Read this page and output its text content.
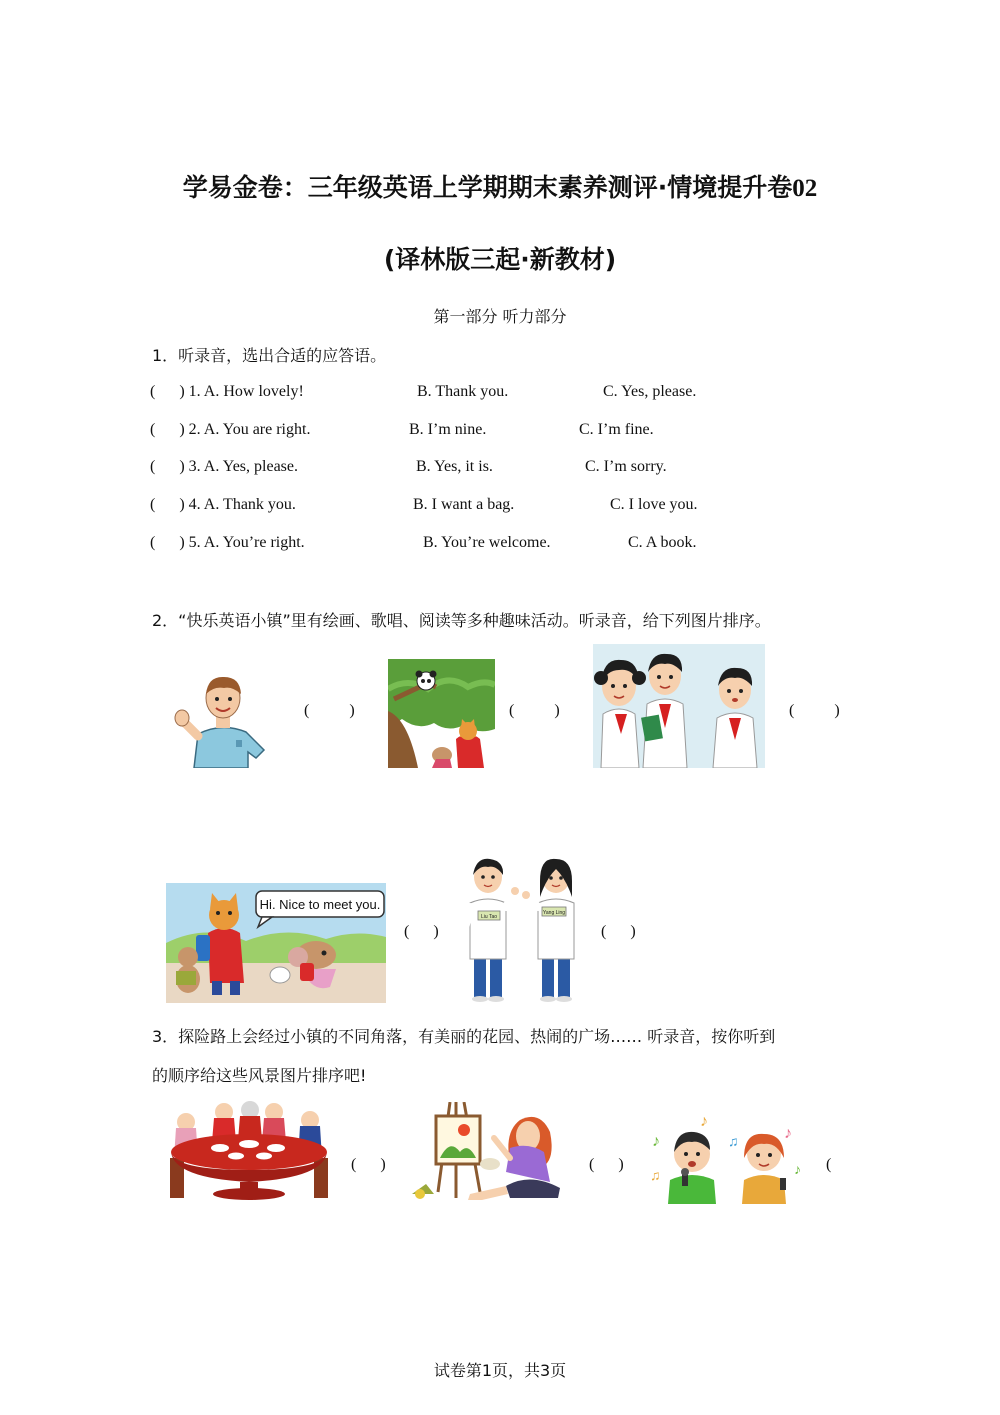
学易金卷：三年级英语上学期期末素养测评·情境提升卷02
(译林版三起·新教材)
第一部分 听力部分
1．听录音，选出合适的应答语。
(      ) 1. A. How lovely!	B. Thank you.	C. Yes, please.
(      ) 2. A. You are right.	B. I’m nine.	C. I’m fine.
(      ) 3. A. Yes, please.	B. Yes, it is.	C. I’m sorry.
(      ) 4. A. Thank you.	B. I want a bag.	C. I love you.
(      ) 5. A. You’re right.	B. You’re welcome.	C. A book.
2．“快乐英语小镇”里有绘画、歌唱、阅读等多种趣味活动。听录音，给下列图片排序。
(          )	(          )	(          )
Hi. Nice to meet you.
(      )
Liu Tao
Yang Ling
(      )
3．探险路上会经过小镇的不同角落，有美丽的花园、热闹的广场…… 听录音，按你听到
的顺序给这些风景图片排序吧!
(      )	(      )
♪
♪
♫
♪
♪
♫
(
试卷第1页，共3页
